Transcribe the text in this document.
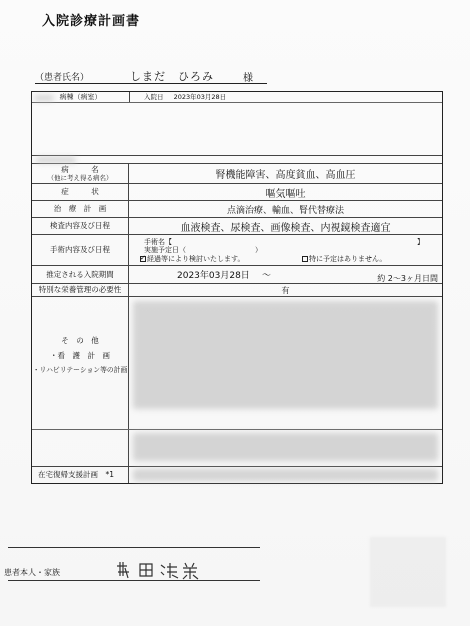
入院診療計画書
（患者氏名）	しまだ　ひろみ	様
病棟（病室）	入院日 2023年03月28日
病　　　名
（他に考え得る病名）	腎機能障害、高度貧血、高血圧
症　　　状	嘔気嘔吐
治　療　計　画	点滴治療、輸血、腎代替療法
検査内容及び日程	血液検査、尿検査、画像検査、内視鏡検査適宜
手術内容及び日程
手術名【	】
実施予定日（	）
✓経過等により検討いたします。	特に予定はありません。
推定される入院期間	2023年03月28日 ～	約 2～3ヶ月日間
特別な栄養管理の必要性	有
そ　の　他
・看　護　計　画
・リハビリテーション等の計画
在宅復帰支援計画　*1
患者本人・家族
